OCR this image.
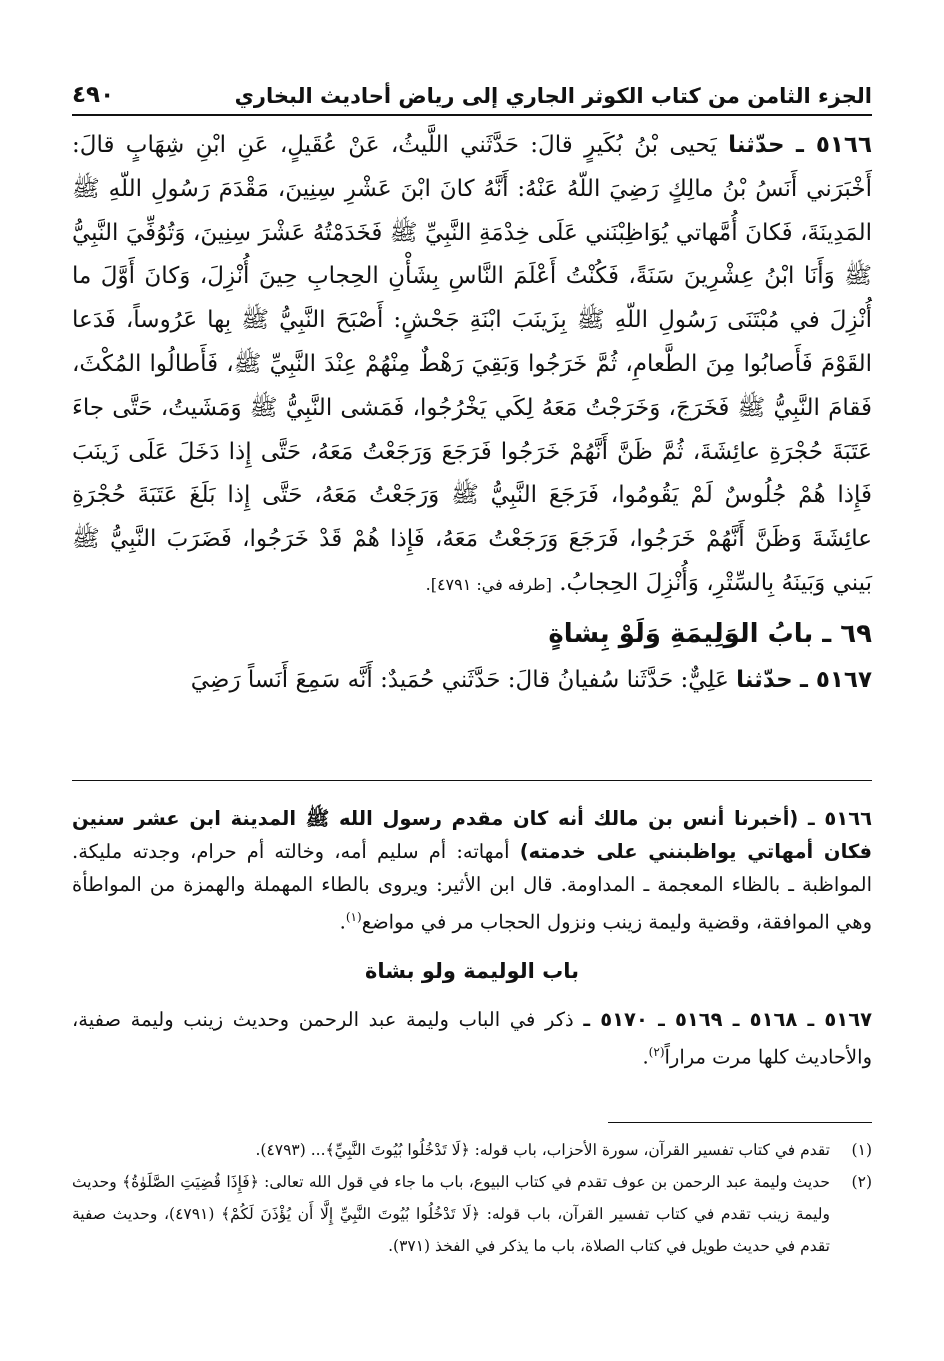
الجزء الثامن من كتاب الكوثر الجاري إلى رياض أحاديث البخاري
٤٩٠

٥١٦٦ ـ حدّثنا يَحيى بْنُ بُكَيرٍ قالَ: حَدَّثَني اللَّيثُ، عَنْ عُقَيلٍ، عَنِ ابْنِ شِهَابٍ قالَ: أَخْبَرَني أَنَسُ بْنُ مالِكٍ رَضِيَ اللّهُ عَنْهُ: أَنَّهُ كانَ ابْنَ عَشْرِ سِنِينَ، مَقْدَمَ رَسُولِ اللّهِ ﷺ المَدِينَةَ، فَكانَ أُمَّهاتي يُوَاظِبْنَني عَلَى خِدْمَةِ النَّبِيِّ ﷺ فَخَدَمْتُهُ عَشْرَ سِنِينَ، وَتُوُفِّيَ النَّبِيُّ ﷺ وَأَنَا ابْنُ عِشْرِينَ سَنَةً، فَكُنْتُ أَعْلَمَ النَّاسِ بِشَأْنِ الحِجابِ حِينَ أُنْزِلَ، وَكانَ أَوَّلَ ما أُنْزِلَ في مُبْتَنَى رَسُولِ اللّهِ ﷺ بِزَينَبَ ابْنَةِ جَحْشٍ: أَصْبَحَ النَّبِيُّ ﷺ بِها عَرُوساً، فَدَعا القَوْمَ فَأَصابُوا مِنَ الطَّعامِ، ثُمَّ خَرَجُوا وَبَقِيَ رَهْطٌ مِنْهُمْ عِنْدَ النَّبِيِّ ﷺ، فَأَطالُوا المُكْثَ، فَقامَ النَّبِيُّ ﷺ فَخَرَجَ، وَخَرَجْتُ مَعَهُ لِكَي يَخْرُجُوا، فَمَشى النَّبِيُّ ﷺ وَمَشَيتُ، حَتَّى جاءَ عَتَبَةَ حُجْرَةِ عائِشَةَ، ثُمَّ ظَنَّ أَنَّهُمْ خَرَجُوا فَرَجَعَ وَرَجَعْتُ مَعَهُ، حَتَّى إِذا دَخَلَ عَلَى زَينَبَ فَإِذا هُمْ جُلُوسٌ لَمْ يَقُومُوا، فَرَجَعَ النَّبِيُّ ﷺ وَرَجَعْتُ مَعَهُ، حَتَّى إِذا بَلَغَ عَتَبَةَ حُجْرَةِ عائِشَةَ وَظَنَّ أَنَّهُمْ خَرَجُوا، فَرَجَعَ وَرَجَعْتُ مَعَهُ، فَإِذا هُمْ قَدْ خَرَجُوا، فَضَرَبَ النَّبِيُّ ﷺ بَيني وَبَينَهُ بِالسِّتْرِ، وَأُنْزِلَ الحِجابُ. [طرفه في: ٤٧٩١].

٦٩ ـ بابُ الوَلِيمَةِ وَلَوْ بِشاةٍ

٥١٦٧ ـ حدّثنا عَلِيٌّ: حَدَّثَنا سُفيانُ قالَ: حَدَّثَني حُمَيدٌ: أَنَّه سَمِعَ أَنَساً رَضِيَ

٥١٦٦ ـ (أخبرنا أنس بن مالك أنه كان مقدم رسول الله ﷺ المدينة ابن عشر سنين فكان أمهاتي يواظبنني على خدمته) أمهاته: أم سليم أمه، وخالته أم حرام، وجدته مليكة. المواظبة ـ بالظاء المعجمة ـ المداومة. قال ابن الأثير: ويروى بالطاء المهملة والهمزة من المواطأة وهي الموافقة، وقضية وليمة زينب ونزول الحجاب مر في مواضع$^{(١)}$.

باب الوليمة ولو بشاة

٥١٦٧ ـ ٥١٦٨ ـ ٥١٦٩ ـ ٥١٧٠ ـ ذكر في الباب وليمة عبد الرحمن وحديث زينب وليمة صفية، والأحاديث كلها مرت مراراً$^{(٢)}$.

(١)
تقدم في كتاب تفسير القرآن، سورة الأحزاب، باب قوله: ﴿لَا تَدْخُلُوا بُيُوتَ النَّبِيِّ﴾... (٤٧٩٣).
(٢)
حديث وليمة عبد الرحمن بن عوف تقدم في كتاب البيوع، باب ما جاء في قول الله تعالى: ﴿فَإِذَا قُضِيَتِ الصَّلَوٰةُ﴾ وحديث وليمة زينب تقدم في كتاب تفسير القرآن، باب قوله: ﴿لَا تَدْخُلُوا بُيُوتَ النَّبِيِّ إِلَّا أَن يُؤْذَنَ لَكُمْ﴾ (٤٧٩١)، وحديث صفية تقدم في حديث طويل في كتاب الصلاة، باب ما يذكر في الفخذ (٣٧١).
